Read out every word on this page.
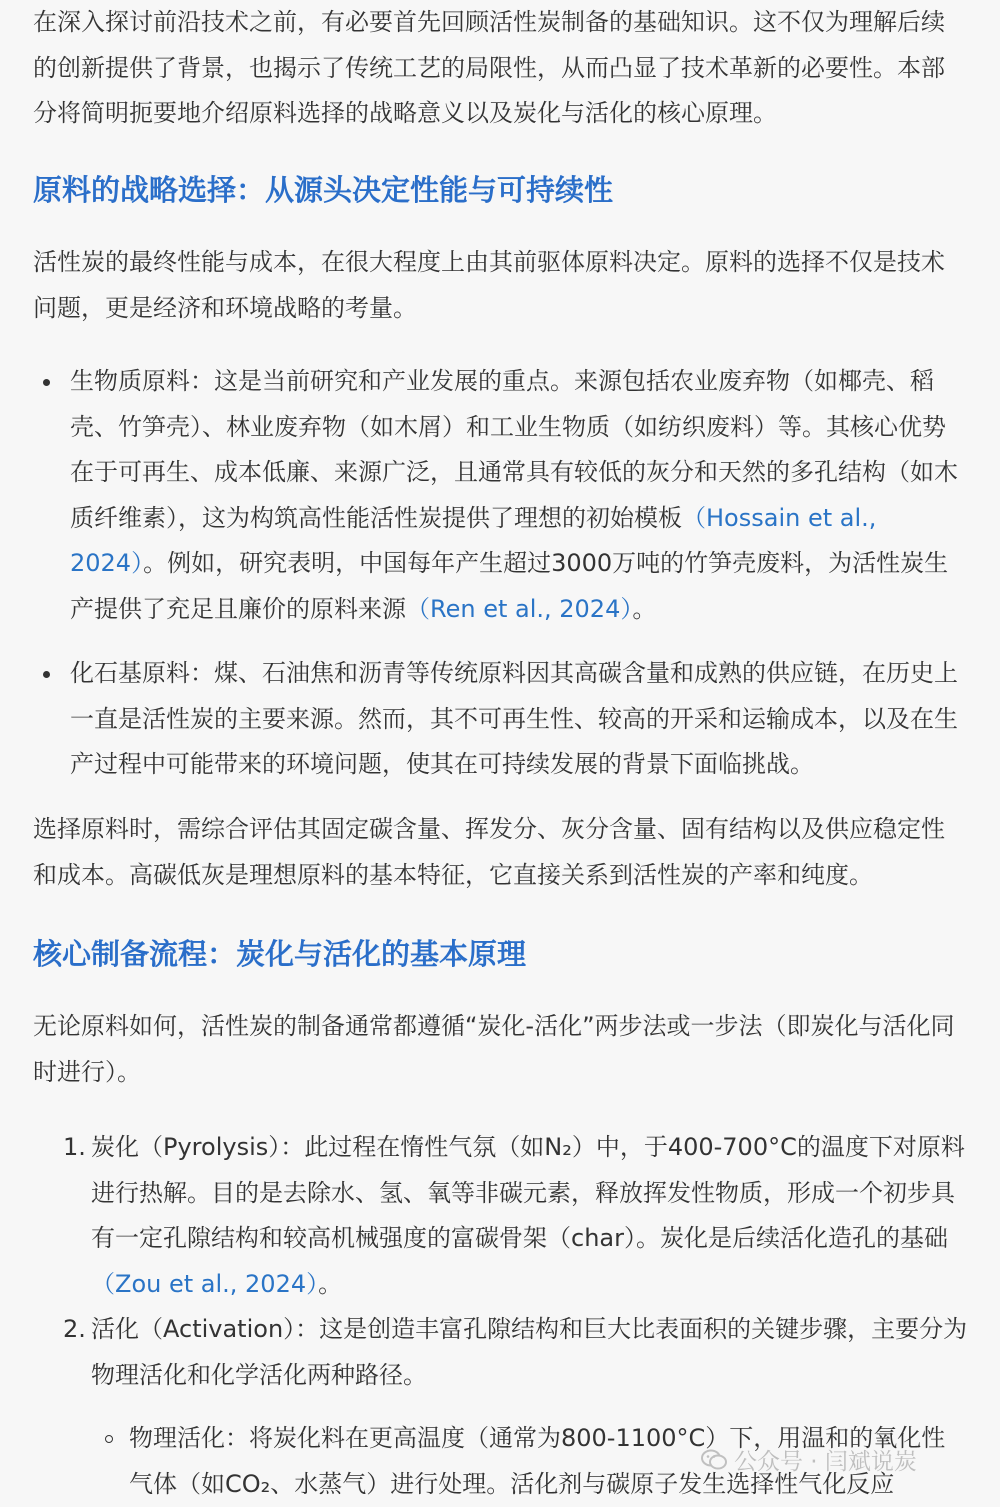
在深入探讨前沿技术之前，有必要首先回顾活性炭制备的基础知识。这不仅为理解后续的创新提供了背景，也揭示了传统工艺的局限性，从而凸显了技术革新的必要性。本部分将简明扼要地介绍原料选择的战略意义以及炭化与活化的核心原理。

原料的战略选择：从源头决定性能与可持续性

活性炭的最终性能与成本，在很大程度上由其前驱体原料决定。原料的选择不仅是技术问题，更是经济和环境战略的考量。

生物质原料：这是当前研究和产业发展的重点。来源包括农业废弃物（如椰壳、稻壳、竹笋壳）、林业废弃物（如木屑）和工业生物质（如纺织废料）等。其核心优势在于可再生、成本低廉、来源广泛，且通常具有较低的灰分和天然的多孔结构（如木质纤维素），这为构筑高性能活性炭提供了理想的初始模板（Hossain et al., 2024）。例如，研究表明，中国每年产生超过3000万吨的竹笋壳废料，为活性炭生产提供了充足且廉价的原料来源（Ren et al., 2024）。
化石基原料：煤、石油焦和沥青等传统原料因其高碳含量和成熟的供应链，在历史上一直是活性炭的主要来源。然而，其不可再生性、较高的开采和运输成本，以及在生产过程中可能带来的环境问题，使其在可持续发展的背景下面临挑战。

选择原料时，需综合评估其固定碳含量、挥发分、灰分含量、固有结构以及供应稳定性和成本。高碳低灰是理想原料的基本特征，它直接关系到活性炭的产率和纯度。

核心制备流程：炭化与活化的基本原理

无论原料如何，活性炭的制备通常都遵循“炭化-活化”两步法或一步法（即炭化与活化同时进行）。

1. 炭化（Pyrolysis）：此过程在惰性气氛（如N₂）中，于400-700°C的温度下对原料进行热解。目的是去除水、氢、氧等非碳元素，释放挥发性物质，形成一个初步具有一定孔隙结构和较高机械强度的富碳骨架（char）。炭化是后续活化造孔的基础（Zou et al., 2024）。
2. 活化（Activation）：这是创造丰富孔隙结构和巨大比表面积的关键步骤，主要分为物理活化和化学活化两种路径。
物理活化：将炭化料在更高温度（通常为800-1100°C）下，用温和的氧化性气体（如CO₂、水蒸气）进行处理。活化剂与碳原子发生选择性气化反应
公众号 · 闫斌说炭
